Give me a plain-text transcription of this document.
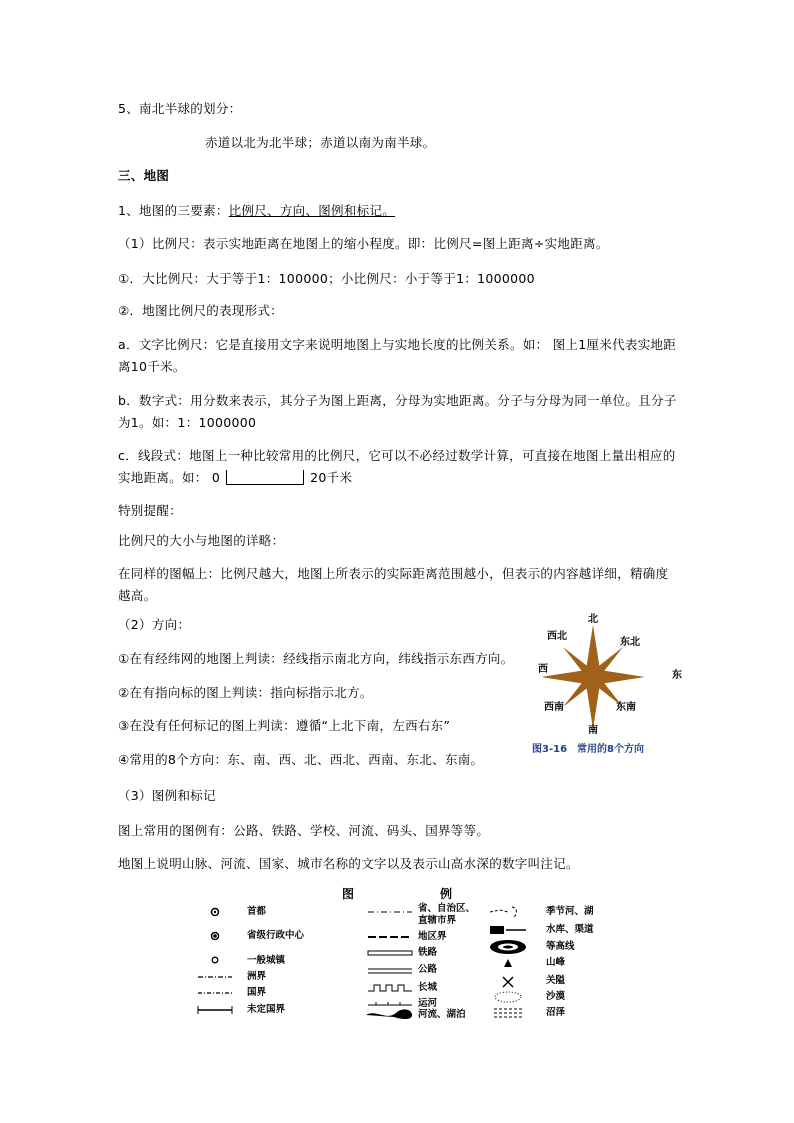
5、南北半球的划分：
赤道以北为北半球；赤道以南为南半球。
三、地图
1、地图的三要素：比例尺、方向、图例和标记。
（1）比例尺：表示实地距离在地图上的缩小程度。即：比例尺=图上距离÷实地距离。
①．大比例尺：大于等于1：100000；小比例尺：小于等于1：1000000
②．地图比例尺的表现形式：
a．文字比例尺：它是直接用文字来说明地图上与实地长度的比例关系。如： 图上1厘米代表实地距离10千米。
b．数字式：用分数来表示，其分子为图上距离，分母为实地距离。分子与分母为同一单位。且分子为1。如：1：1000000
c．线段式：地图上一种比较常用的比例尺，它可以不必经过数学计算，可直接在地图上量出相应的实地距离。如： 0	20千米
特别提醒：
比例尺的大小与地图的详略：
在同样的图幅上：比例尺越大，地图上所表示的实际距离范围越小，但表示的内容越详细，精确度越高。
（2）方向：
①在有经纬网的地图上判读：经线指示南北方向，纬线指示东西方向。
②在有指向标的图上判读：指向标指示北方。
③在没有任何标记的图上判读：遵循“上北下南，左西右东”
④常用的8个方向：东、南、西、北、西北、西南、东北、东南。
（3）图例和标记
图上常用的图例有：公路、铁路、学校、河流、码头、国界等等。
地图上说明山脉、河流、国家、城市名称的文字以及表示山高水深的数字叫注记。
北
南
东
西
西北
东北
西南	东南
图3-16　常用的8个方向
图	例
首都
省级行政中心
一般城镇
洲界
国界
未定国界
省、自治区、直辖市界
地区界
铁路
公路
长城
运河
河流、湖泊
季节河、湖
水库、渠道
等高线
山峰
关隘
沙漠
沼泽
